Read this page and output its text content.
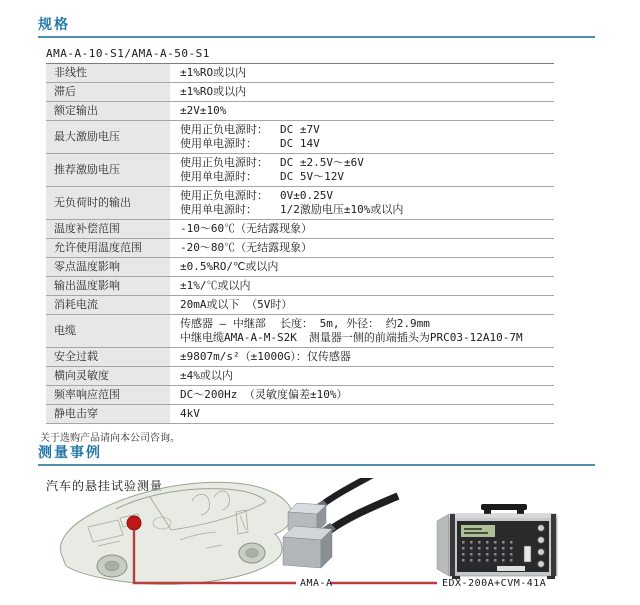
规格
AMA-A-10-S1/AMA-A-50-S1
非线性	±1%RO或以内
滞后	±1%RO或以内
额定输出	±2V±10%
最大激励电压	使用正负电源时： DC ±7V
使用单电源时： DC 14V

推荐激励电压	使用正负电源时： DC ±2.5V～±6V
使用单电源时： DC 5V～12V

无负荷时的输出	使用正负电源时： 0V±0.25V
使用单电源时： 1/2激励电压±10%或以内

温度补偿范围	-10～60℃（无结露现象）
允许使用温度范围	-20～80℃（无结露现象）
零点温度影响	±0.5%RO/℃或以内
输出温度影响	±1%/℃或以内
消耗电流	20mA或以下 （5V时）
电缆	传感器 — 中继部 长度： 5m, 外径： 约2.9mm
中继电缆AMA-A-M-S2K 测量器一侧的前端插头为PRC03-12A10-7M

安全过载	±9807m/s²（±1000G）：仅传感器
横向灵敏度	±4%或以内
频率响应范围	DC～200Hz （灵敏度偏差±10%）
静电击穿	4kV
关于选购产品请向本公司咨询。
测量事例
汽车的悬挂试验测量
AMA-A	EDX-200A+CVM-41A
